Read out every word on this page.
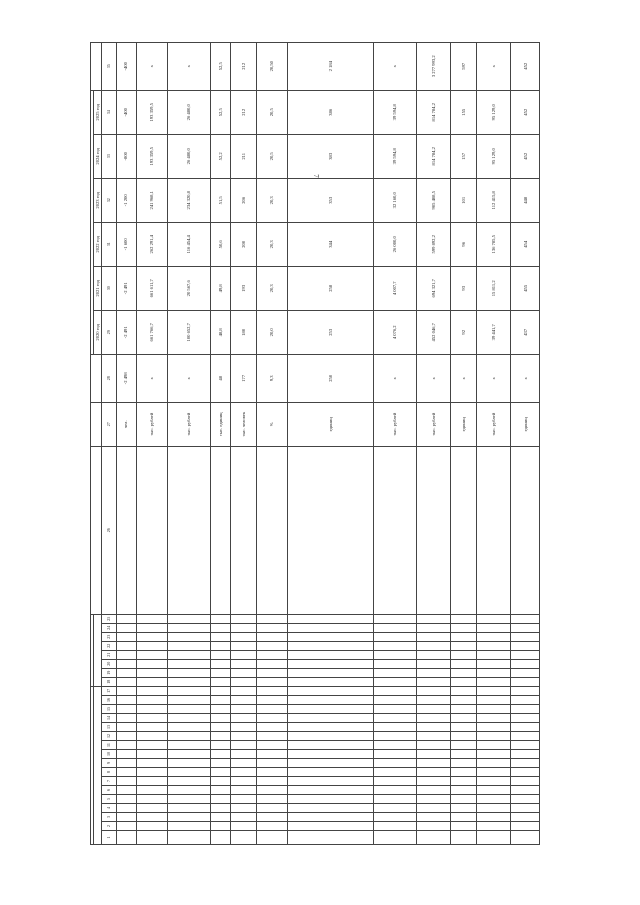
7

																												2020 год	2021 год	2022 год	2023 год	2024 год	2025 год	
1	2	3	4	5	6	7	8	9	10	11	12	13	14	15	16	17	18	19	20	21	22	23	24	25	26	27	28	29	30	31	32	33	34	35
																										чел.	-2 498	-2 491	-2 491	-1 600	-1 200	-800	-400	-400
																										тыс. рублей	х	661 766,7	661 611,7	262 291,4	241 968,1	193 359,5	193 359,5	х
																										тыс. рублей	х	100 652,7	20 567,6	116 454,4	234 320,8	26 480,0	26 480,0	х
																										тыс. единиц	48	48,8	49,8	50,6	51,5	52,2	52,5	52,5
																										тыс. человек	177	180	193	200	206	211	212	212
																										%	9,3	20,0	20,3	20,3	20,3	20,5	20,5	20,50
																										единиц	250	253	258	344	353	383	386	2 184
																										тыс. рублей	х	4 076,2	4 007,7	26 000,0	32 160,0	39 594,8	39 594,8	х
																										тыс. рублей	х	452 046,7	694 321,7	599 892,2	905 408,5	814 784,2	814 784,2	3 277 993,2
																										единиц	х	92	93	96	101	157	155	597
																										тыс. рублей	х	39 441,7	15 811,2	136 785,5	112 415,8	95 129,0	95 129,0	х
																										единиц	х	437	455	454	448	452	452	452
